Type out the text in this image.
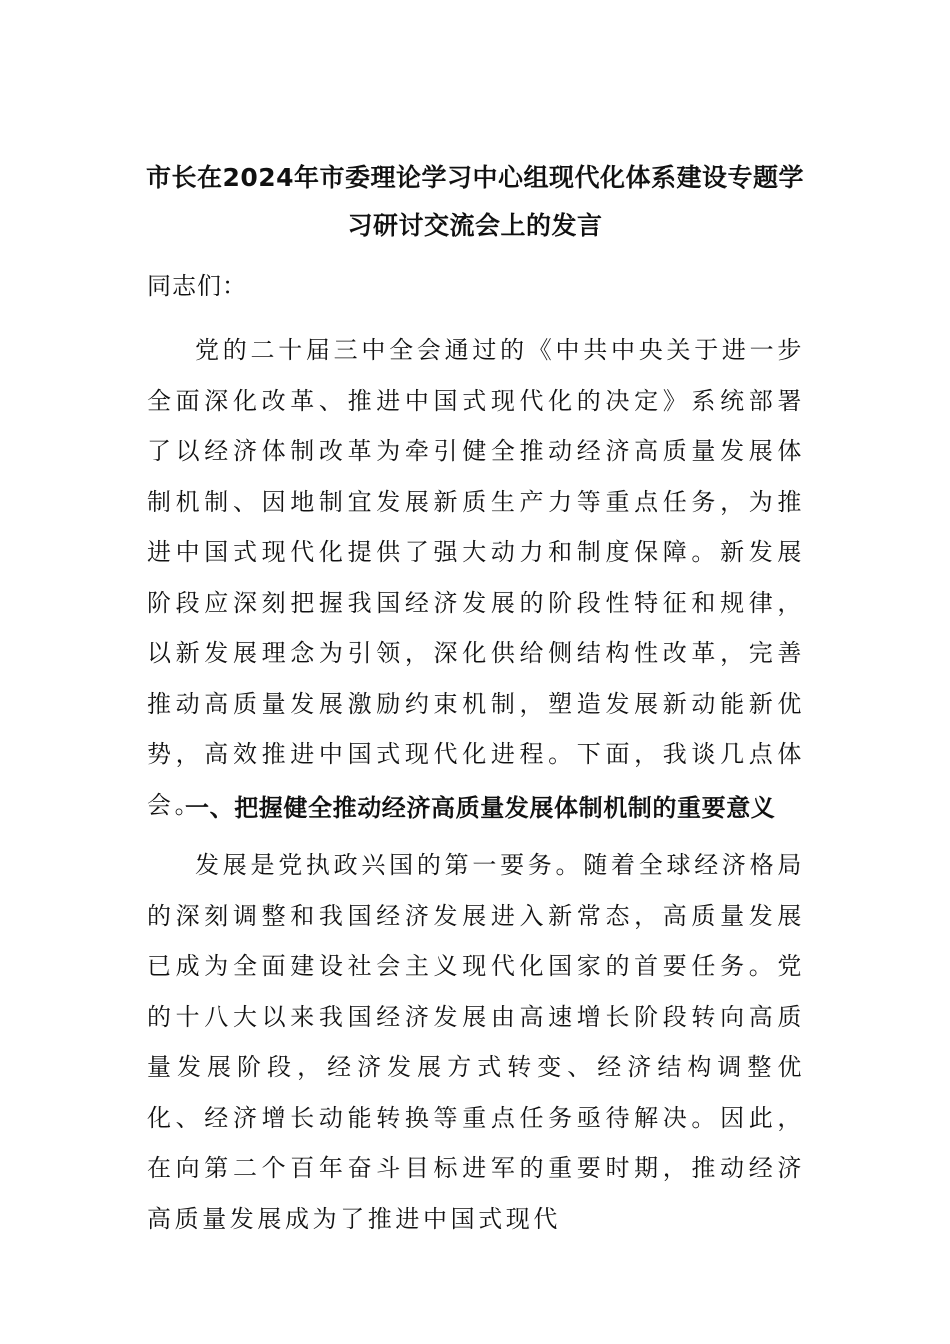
市长在2024年市委理论学习中心组现代化体系建设专题学
习研讨交流会上的发言
同志们：

党的二十届三中全会通过的《中共中央关于进一步全面深化改革、推进中国式现代化的决定》系统部署了以经济体制改革为牵引健全推动经济高质量发展体制机制、因地制宜发展新质生产力等重点任务，为推进中国式现代化提供了强大动力和制度保障。新发展阶段应深刻把握我国经济发展的阶段性特征和规律，以新发展理念为引领，深化供给侧结构性改革，完善推动高质量发展激励约束机制，塑造发展新动能新优势，高效推进中国式现代化进程。下面，我谈几点体会。

一、把握健全推动经济高质量发展体制机制的重要意义

发展是党执政兴国的第一要务。随着全球经济格局的深刻调整和我国经济发展进入新常态，高质量发展已成为全面建设社会主义现代化国家的首要任务。党的十八大以来我国经济发展由高速增长阶段转向高质量发展阶段，经济发展方式转变、经济结构调整优化、经济增长动能转换等重点任务亟待解决。因此，在向第二个百年奋斗目标进军的重要时期，推动经济高质量发展成为了推进中国式现代
